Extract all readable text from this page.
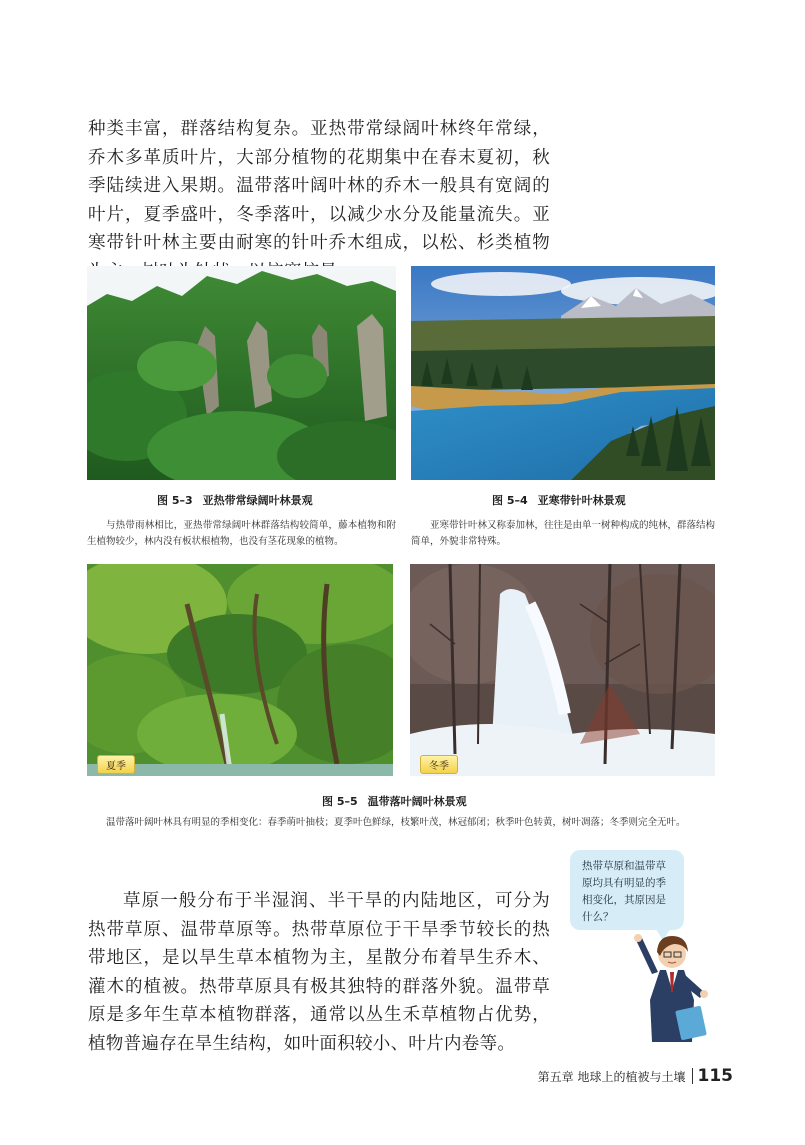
种类丰富，群落结构复杂。亚热带常绿阔叶林终年常绿，乔木多革质叶片，大部分植物的花期集中在春末夏初，秋季陆续进入果期。温带落叶阔叶林的乔木一般具有宽阔的叶片，夏季盛叶，冬季落叶，以减少水分及能量流失。亚寒带针叶林主要由耐寒的针叶乔木组成，以松、杉类植物

图 5–3 亚热带常绿阔叶林景观

与热带雨林相比，亚热带常绿阔叶林群落结构较简单，藤本植物和附生植物较少，林内没有板状根植物，也没有茎花现象的植物。

图 5–4 亚寒带针叶林景观

亚寒带针叶林又称泰加林，往往是由单一树种构成的纯林，群落结构简单，外貌非常特殊。

夏季	冬季
图 5–5 温带落叶阔叶林景观

温带落叶阔叶林具有明显的季相变化：春季萌叶抽枝；夏季叶色鲜绿，枝繁叶茂，林冠郁闭；秋季叶色转黄，树叶凋落；冬季则完全无叶。

草原一般分布于半湿润、半干旱的内陆地区，可分为热带草原、温带草原等。热带草原位于干旱季节较长的热带地区，是以旱生草本植物为主，星散分布着旱生乔木、灌木的植被。热带草原具有极其独特的群落外貌。温带草原是多年生草本植物群落，通常以丛生禾草植物占优势，植物普遍存在旱生结构，如叶面积较小、叶片内卷等。

热带草原和温带草原均具有明显的季相变化，其原因是什么？
第五章 地球上的植被与土壤 115
